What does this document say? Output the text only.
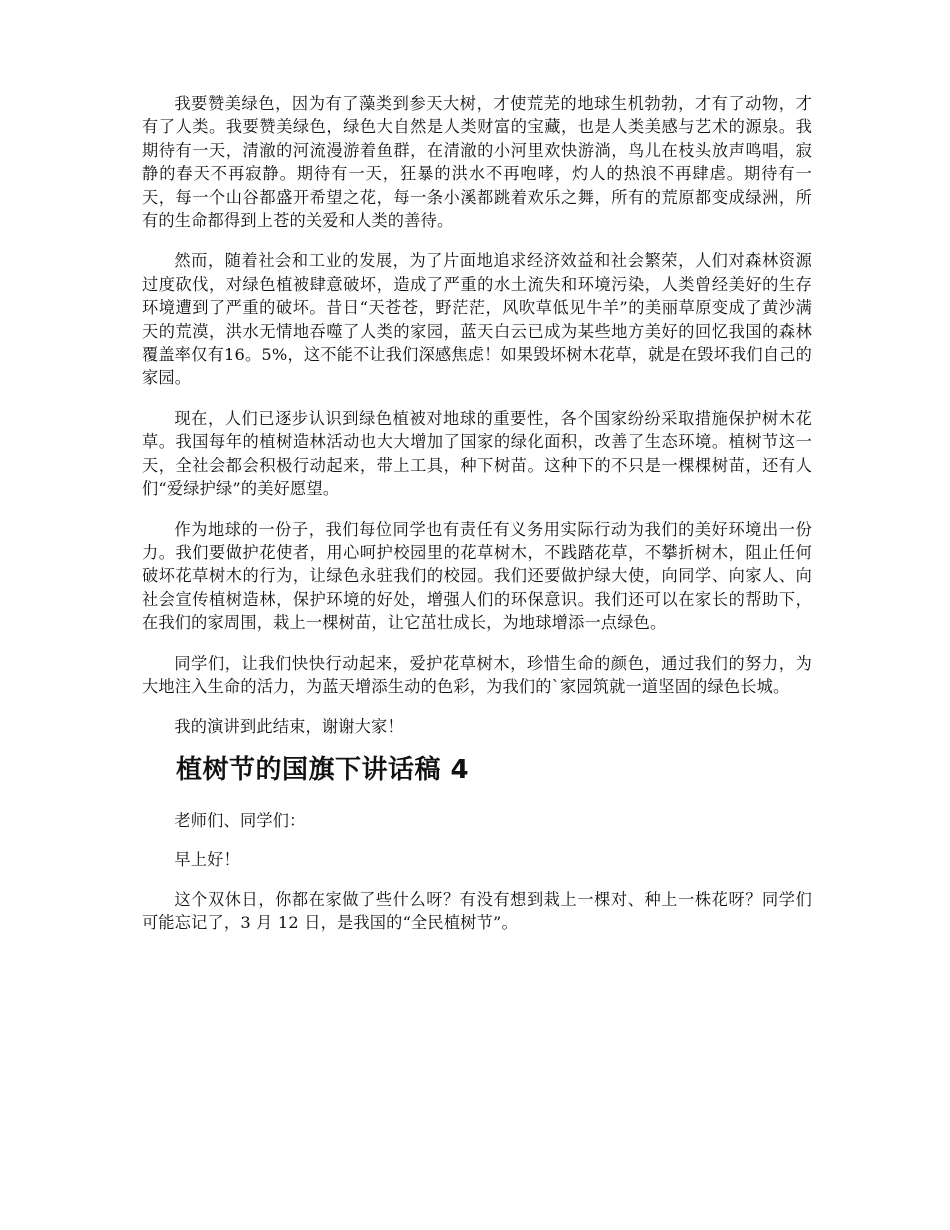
我要赞美绿色，因为有了藻类到参天大树，才使荒芜的地球生机勃勃，才有了动物，才有了人类。我要赞美绿色，绿色大自然是人类财富的宝藏，也是人类美感与艺术的源泉。我期待有一天，清澈的河流漫游着鱼群，在清澈的小河里欢快游淌，鸟儿在枝头放声鸣唱，寂静的春天不再寂静。期待有一天，狂暴的洪水不再咆哮，灼人的热浪不再肆虐。期待有一天，每一个山谷都盛开希望之花，每一条小溪都跳着欢乐之舞，所有的荒原都变成绿洲，所有的生命都得到上苍的关爱和人类的善待。

然而，随着社会和工业的发展，为了片面地追求经济效益和社会繁荣，人们对森林资源过度砍伐，对绿色植被肆意破坏，造成了严重的水土流失和环境污染，人类曾经美好的生存环境遭到了严重的破坏。昔日“天苍苍，野茫茫，风吹草低见牛羊”的美丽草原变成了黄沙满天的荒漠，洪水无情地吞噬了人类的家园，蓝天白云已成为某些地方美好的回忆我国的森林覆盖率仅有16。5%，这不能不让我们深感焦虑！如果毁坏树木花草，就是在毁坏我们自己的家园。

现在，人们已逐步认识到绿色植被对地球的重要性，各个国家纷纷采取措施保护树木花草。我国每年的植树造林活动也大大增加了国家的绿化面积，改善了生态环境。植树节这一天，全社会都会积极行动起来，带上工具，种下树苗。这种下的不只是一棵棵树苗，还有人们“爱绿护绿”的美好愿望。

作为地球的一份子，我们每位同学也有责任有义务用实际行动为我们的美好环境出一份力。我们要做护花使者，用心呵护校园里的花草树木，不践踏花草，不攀折树木，阻止任何破坏花草树木的行为，让绿色永驻我们的校园。我们还要做护绿大使，向同学、向家人、向社会宣传植树造林，保护环境的好处，增强人们的环保意识。我们还可以在家长的帮助下，在我们的家周围，栽上一棵树苗，让它茁壮成长，为地球增添一点绿色。

同学们，让我们快快行动起来，爱护花草树木，珍惜生命的颜色，通过我们的努力，为大地注入生命的活力，为蓝天增添生动的色彩，为我们的`家园筑就一道坚固的绿色长城。

我的演讲到此结束，谢谢大家！

植树节的国旗下讲话稿 4

老师们、同学们：

早上好！

这个双休日，你都在家做了些什么呀？有没有想到栽上一棵对、种上一株花呀？同学们可能忘记了，3 月 12 日，是我国的“全民植树节”。
